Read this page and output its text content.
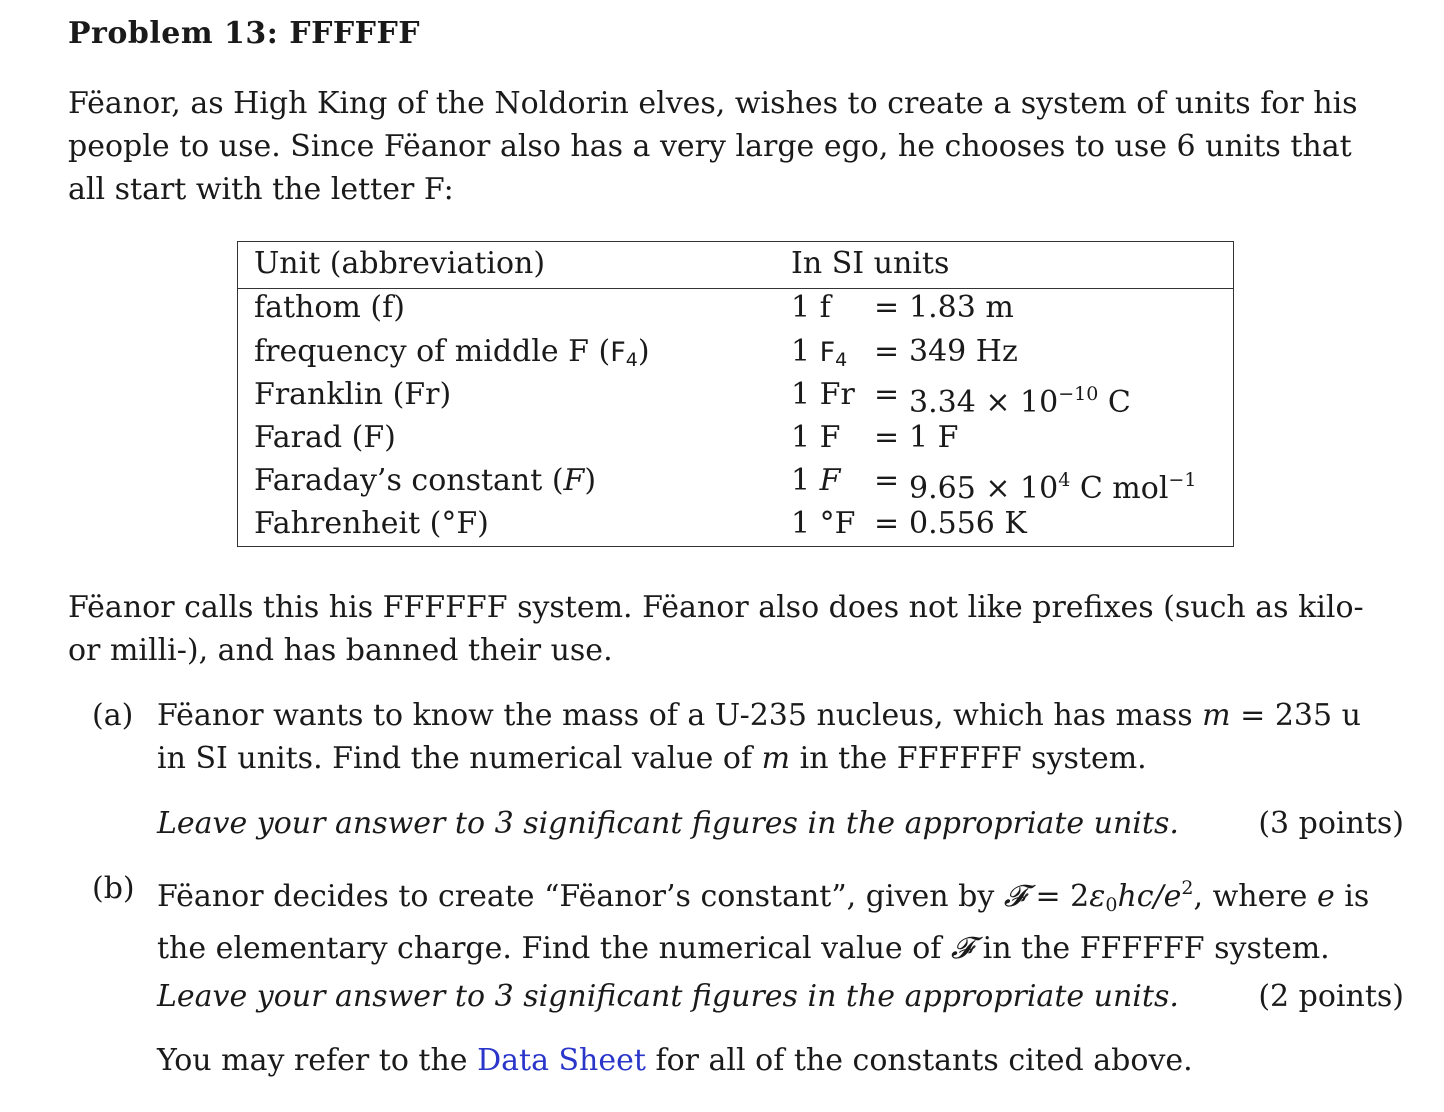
Problem 13: FFFFFF
Fëanor, as High King of the Noldorin elves, wishes to create a system of units for his
people to use. Since Fëanor also has a very large ego, he chooses to use 6 units that
all start with the letter F:
Unit (abbreviation)	In SI units
fathom (f)	1 f = 1.83 m
frequency of middle F $(F_4)$	1 $F_4 = 349$ Hz
Franklin (Fr)	1 $Fr = 3.34 \times 10^{-10}$ C
Farad (F)	1 F = 1 F
Faraday’s constant (F)	1 $F = 9.65 \times 10^4$ C mol$^{-1}$
Fahrenheit (°F)	1 °F = 0.556 K
Fëanor calls this his FFFFFF system. Fëanor also does not like prefixes (such as kilo-
or milli-), and has banned their use.
(a) Fëanor wants to know the mass of a U-235 nucleus, which has mass m = 235 u
in SI units. Find the numerical value of m in the FFFFFF system.
Leave your answer to 3 significant figures in the appropriate units.	(3 points)
(b) Fëanor decides to create “Fëanor’s constant”, given by 𝓕 = $2\varepsilon_0hc/e^2$, where e is
the elementary charge. Find the numerical value of 𝓕 in the FFFFFF system.
Leave your answer to 3 significant figures in the appropriate units.	(2 points)
You may refer to the Data Sheet for all of the constants cited above.
